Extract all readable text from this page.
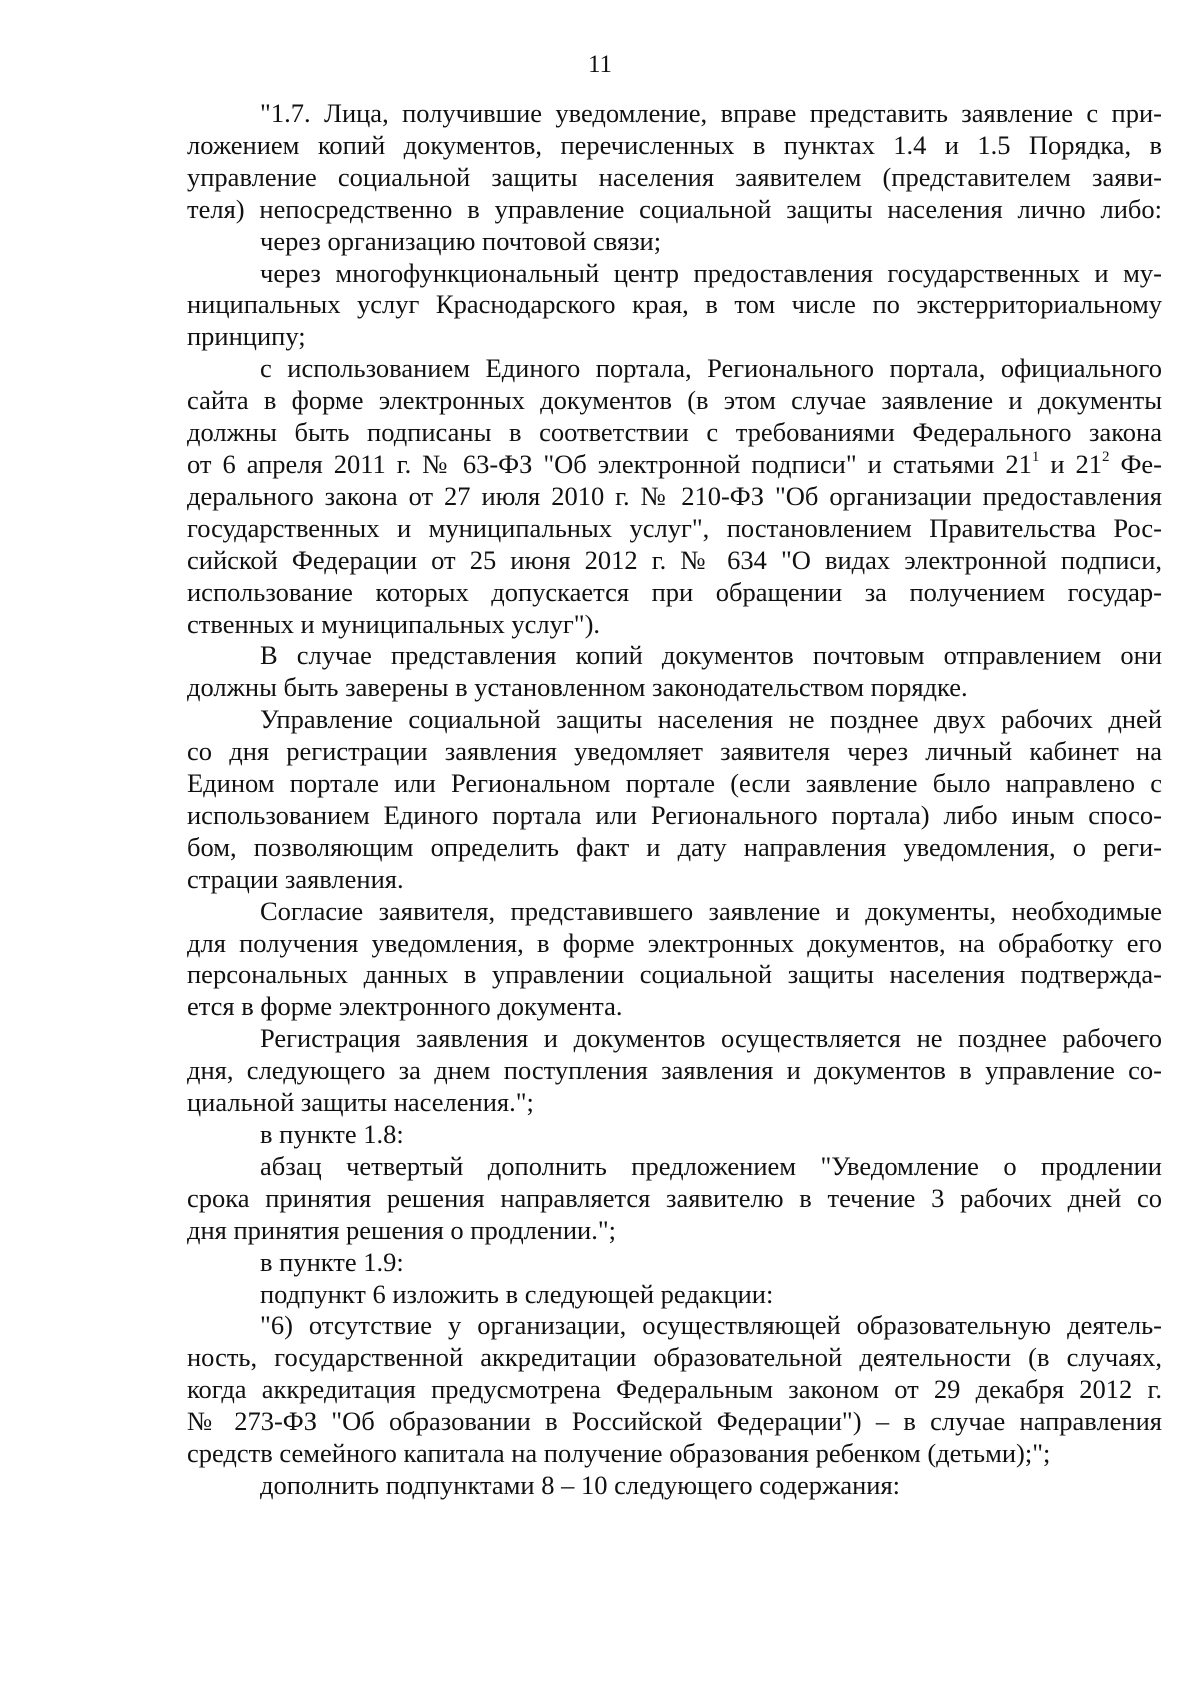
11
"1.7. Лица, получившие уведомление, вправе представить заявление с при-
ложением копий документов, перечисленных в пунктах 1.4 и 1.5 Порядка, в
управление социальной защиты населения заявителем (представителем заяви-
теля) непосредственно в управление социальной защиты населения лично либо:
через организацию почтовой связи;
через многофункциональный центр предоставления государственных и му-
ниципальных услуг Краснодарского края, в том числе по экстерриториальному
принципу;
с использованием Единого портала, Регионального портала, официального
сайта в форме электронных документов (в этом случае заявление и документы
должны быть подписаны в соответствии с требованиями Федерального закона
от 6 апреля 2011 г. № 63-ФЗ "Об электронной подписи" и статьями $21^1$ и $21^2$ Фе-
дерального закона от 27 июля 2010 г. № 210-ФЗ "Об организации предоставления
государственных и муниципальных услуг", постановлением Правительства Рос-
сийской Федерации от 25 июня 2012 г. № 634 "О видах электронной подписи,
использование которых допускается при обращении за получением государ-
ственных и муниципальных услуг").
В случае представления копий документов почтовым отправлением они
должны быть заверены в установленном законодательством порядке.
Управление социальной защиты населения не позднее двух рабочих дней
со дня регистрации заявления уведомляет заявителя через личный кабинет на
Едином портале или Региональном портале (если заявление было направлено с
использованием Единого портала или Регионального портала) либо иным спосо-
бом, позволяющим определить факт и дату направления уведомления, о реги-
страции заявления.
Согласие заявителя, представившего заявление и документы, необходимые
для получения уведомления, в форме электронных документов, на обработку его
персональных данных в управлении социальной защиты населения подтвержда-
ется в форме электронного документа.
Регистрация заявления и документов осуществляется не позднее рабочего
дня, следующего за днем поступления заявления и документов в управление со-
циальной защиты населения.";
в пункте 1.8:
абзац четвертый дополнить предложением "Уведомление о продлении
срока принятия решения направляется заявителю в течение 3 рабочих дней со
дня принятия решения о продлении.";
в пункте 1.9:
подпункт 6 изложить в следующей редакции:
"6) отсутствие у организации, осуществляющей образовательную деятель-
ность, государственной аккредитации образовательной деятельности (в случаях,
когда аккредитация предусмотрена Федеральным законом от 29 декабря 2012 г.
№ 273-ФЗ "Об образовании в Российской Федерации") – в случае направления
средств семейного капитала на получение образования ребенком (детьми);";
дополнить подпунктами 8 – 10 следующего содержания:
